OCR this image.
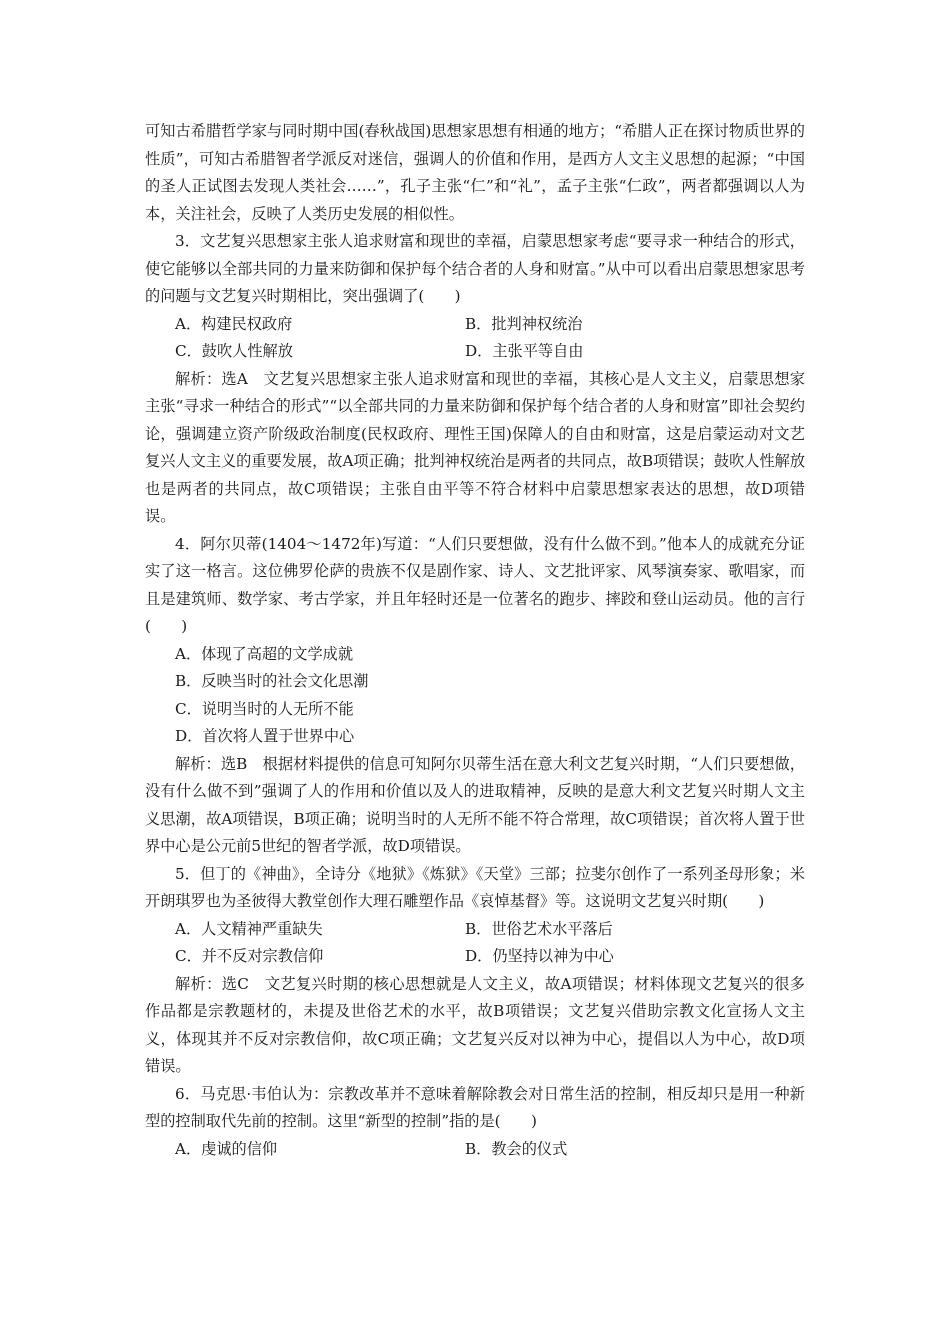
可知古希腊哲学家与同时期中国(春秋战国)思想家思想有相通的地方；“希腊人正在探讨物质世界的性质”，可知古希腊智者学派反对迷信，强调人的价值和作用，是西方人文主义思想的起源；“中国的圣人正试图去发现人类社会……”，孔子主张“仁”和“礼”，孟子主张“仁政”，两者都强调以人为本，关注社会，反映了人类历史发展的相似性。

3．文艺复兴思想家主张人追求财富和现世的幸福，启蒙思想家考虑“要寻求一种结合的形式，使它能够以全部共同的力量来防御和保护每个结合者的人身和财富。”从中可以看出启蒙思想家思考的问题与文艺复兴时期相比，突出强调了(　　)

A．构建民权政府	B．批判神权统治
C．鼓吹人性解放	D．主张平等自由

解析：选A　文艺复兴思想家主张人追求财富和现世的幸福，其核心是人文主义，启蒙思想家主张“寻求一种结合的形式”“以全部共同的力量来防御和保护每个结合者的人身和财富”即社会契约论，强调建立资产阶级政治制度(民权政府、理性王国)保障人的自由和财富，这是启蒙运动对文艺复兴人文主义的重要发展，故A项正确；批判神权统治是两者的共同点，故B项错误；鼓吹人性解放也是两者的共同点，故C项错误；主张自由平等不符合材料中启蒙思想家表达的思想，故D项错误。

4．阿尔贝蒂(1404～1472年)写道：“人们只要想做，没有什么做不到。”他本人的成就充分证实了这一格言。这位佛罗伦萨的贵族不仅是剧作家、诗人、文艺批评家、风琴演奏家、歌唱家，而且是建筑师、数学家、考古学家，并且年轻时还是一位著名的跑步、摔跤和登山运动员。他的言行(　　)

A．体现了高超的文学成就

B．反映当时的社会文化思潮

C．说明当时的人无所不能

D．首次将人置于世界中心

解析：选B　根据材料提供的信息可知阿尔贝蒂生活在意大利文艺复兴时期，“人们只要想做，没有什么做不到”强调了人的作用和价值以及人的进取精神，反映的是意大利文艺复兴时期人文主义思潮，故A项错误，B项正确；说明当时的人无所不能不符合常理，故C项错误；首次将人置于世界中心是公元前5世纪的智者学派，故D项错误。

5．但丁的《神曲》，全诗分《地狱》《炼狱》《天堂》三部；拉斐尔创作了一系列圣母形象；米开朗琪罗也为圣彼得大教堂创作大理石雕塑作品《哀悼基督》等。这说明文艺复兴时期(　　)

A．人文精神严重缺失	B．世俗艺术水平落后
C．并不反对宗教信仰	D．仍坚持以神为中心

解析：选C　文艺复兴时期的核心思想就是人文主义，故A项错误；材料体现文艺复兴的很多作品都是宗教题材的，未提及世俗艺术的水平，故B项错误；文艺复兴借助宗教文化宣扬人文主义，体现其并不反对宗教信仰，故C项正确；文艺复兴反对以神为中心，提倡以人为中心，故D项错误。

6．马克思·韦伯认为：宗教改革并不意味着解除教会对日常生活的控制，相反却只是用一种新型的控制取代先前的控制。这里“新型的控制”指的是(　　)

A．虔诚的信仰	B．教会的仪式
